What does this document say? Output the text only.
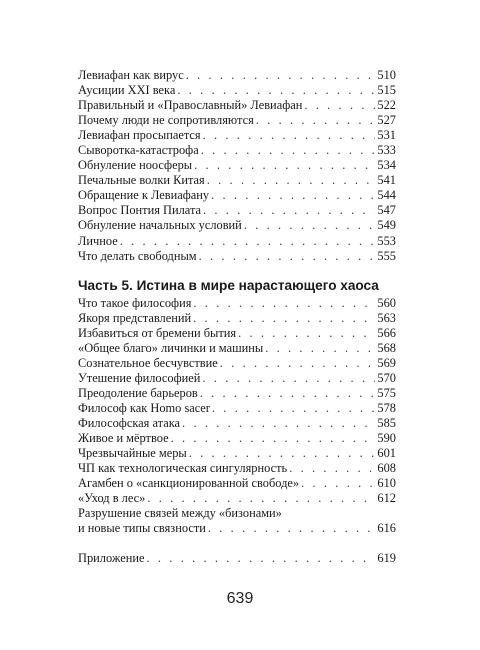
Левиафан как вирус . . .	510
Аусиции XXI века . . .	515
Правильный и «Православный» Левиафан . . .	522
Почему люди не сопротивляются . . .	527
Левиафан просыпается . . .	531
Сыворотка-катастрофа . . .	533
Обнуление ноосферы . . .	534
Печальные волки Китая . . .	541
Обращение к Левиафану . . .	544
Вопрос Понтия Пилата . . .	547
Обнуление начальных условий . . .	549
Личное . . .	553
Что делать свободным . . .	555
Часть 5. Истина в мире нарастающего хаоса
Что такое философия . . .	560
Якоря представлений . . .	563
Избавиться от бремени бытия . . .	566
«Общее благо» личинки и машины . . .	568
Сознательное бесчувствие . . .	569
Утешение философией . . .	570
Преодоление барьеров . . .	575
Философ как Homo sacer . . .	578
Философская атака . . .	585
Живое и мёртвое . . .	590
Чрезвычайные меры . . .	601
ЧП как технологическая сингулярность . . .	608
Агамбен о «санкционированной свободе» . . .	610
«Уход в лес» . . .	612
Разрушение связей между «бизонами»
и новые типы связности . . .	616
Приложение . . .	619
639
